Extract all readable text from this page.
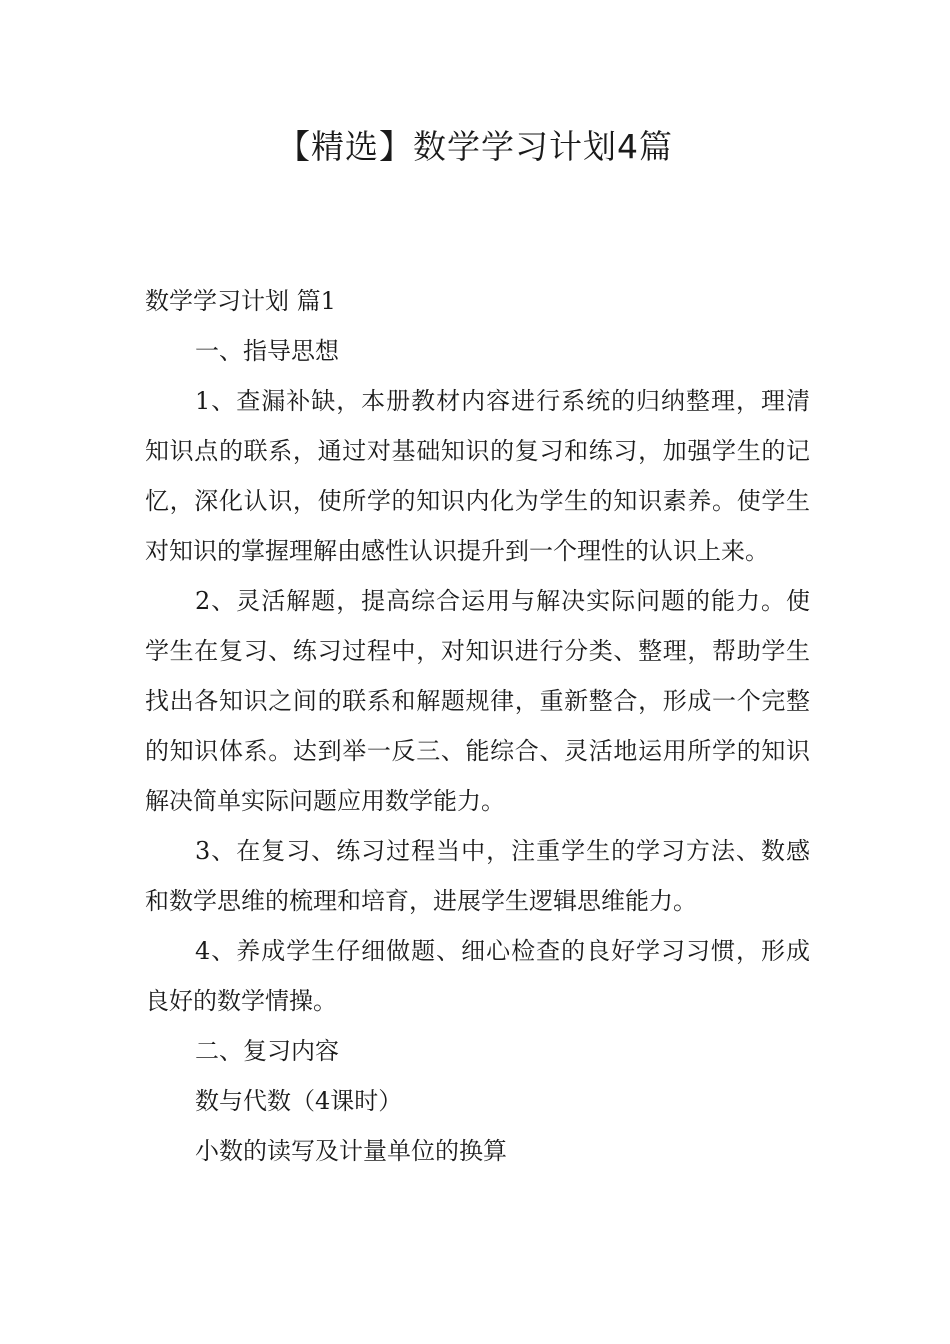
【精选】数学学习计划4篇

数学学习计划 篇1

一、指导思想

1、查漏补缺，本册教材内容进行系统的归纳整理，理清知识点的联系，通过对基础知识的复习和练习，加强学生的记忆，深化认识，使所学的知识内化为学生的知识素养。使学生对知识的掌握理解由感性认识提升到一个理性的认识上来。

2、灵活解题，提高综合运用与解决实际问题的能力。使学生在复习、练习过程中，对知识进行分类、整理，帮助学生找出各知识之间的联系和解题规律，重新整合，形成一个完整的知识体系。达到举一反三、能综合、灵活地运用所学的知识解决简单实际问题应用数学能力。

3、在复习、练习过程当中，注重学生的学习方法、数感和数学思维的梳理和培育，进展学生逻辑思维能力。

4、养成学生仔细做题、细心检查的良好学习习惯，形成良好的数学情操。

二、复习内容

数与代数（4课时）

小数的读写及计量单位的换算
